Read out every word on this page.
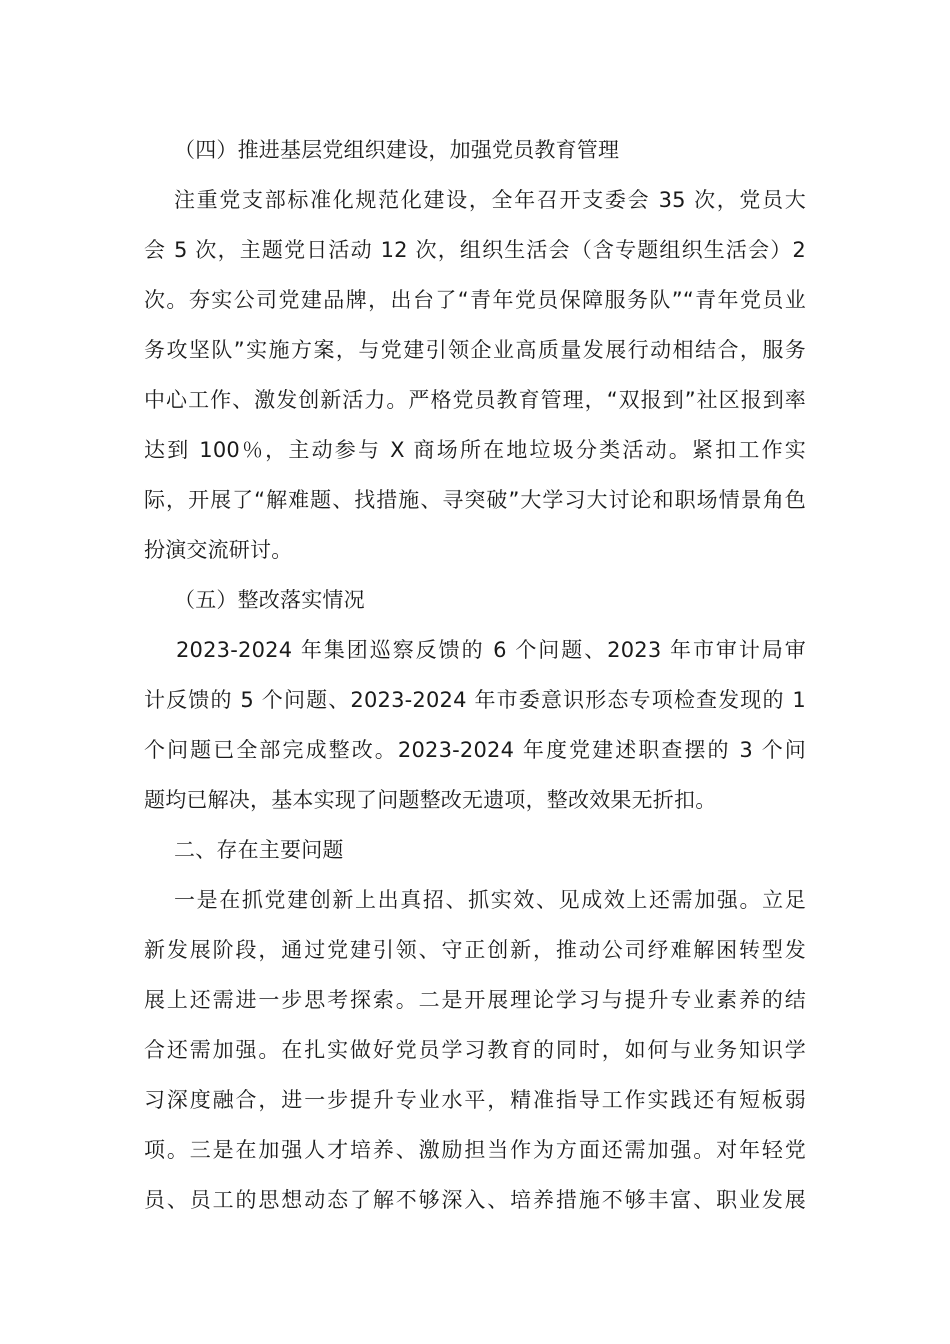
（四）推进基层党组织建设，加强党员教育管理

注重党支部标准化规范化建设，全年召开支委会 35 次，党员大

会 5 次，主题党日活动 12 次，组织生活会（含专题组织生活会）2

次。夯实公司党建品牌，出台了“青年党员保障服务队”“青年党员业

务攻坚队”实施方案，与党建引领企业高质量发展行动相结合，服务

中心工作、激发创新活力。严格党员教育管理，“双报到”社区报到率

达到 100％，主动参与 X 商场所在地垃圾分类活动。紧扣工作实

际，开展了“解难题、找措施、寻突破”大学习大讨论和职场情景角色

扮演交流研讨。

（五）整改落实情况

2023-2024 年集团巡察反馈的 6 个问题、2023 年市审计局审

计反馈的 5 个问题、2023-2024 年市委意识形态专项检查发现的 1

个问题已全部完成整改。2023-2024 年度党建述职查摆的 3 个问

题均已解决，基本实现了问题整改无遗项，整改效果无折扣。

二、存在主要问题

一是在抓党建创新上出真招、抓实效、见成效上还需加强。立足

新发展阶段，通过党建引领、守正创新，推动公司纾难解困转型发

展上还需进一步思考探索。二是开展理论学习与提升专业素养的结

合还需加强。在扎实做好党员学习教育的同时，如何与业务知识学

习深度融合，进一步提升专业水平，精准指导工作实践还有短板弱

项。三是在加强人才培养、激励担当作为方面还需加强。对年轻党

员、员工的思想动态了解不够深入、培养措施不够丰富、职业发展
